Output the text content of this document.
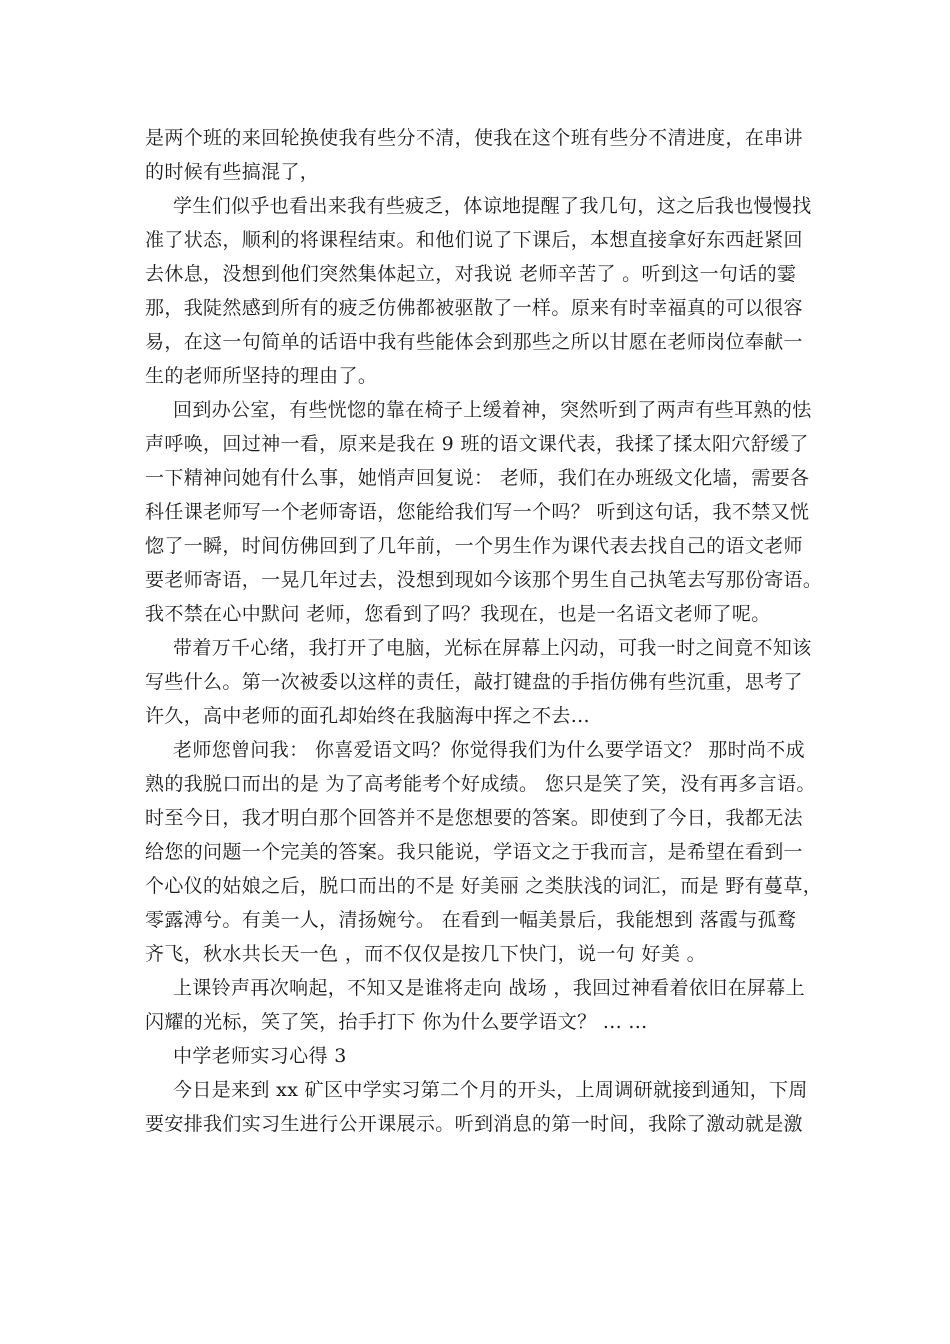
是两个班的来回轮换使我有些分不清，使我在这个班有些分不清进度，在串讲
的时候有些搞混了，
学生们似乎也看出来我有些疲乏，体谅地提醒了我几句，这之后我也慢慢找
准了状态，顺利的将课程结束。和他们说了下课后，本想直接拿好东西赶紧回
去休息，没想到他们突然集体起立，对我说 老师辛苦了 。听到这一句话的霎
那，我陡然感到所有的疲乏仿佛都被驱散了一样。原来有时幸福真的可以很容
易，在这一句简单的话语中我有些能体会到那些之所以甘愿在老师岗位奉献一
生的老师所坚持的理由了。
回到办公室，有些恍惚的靠在椅子上缓着神，突然听到了两声有些耳熟的怯
声呼唤，回过神一看，原来是我在 9 班的语文课代表，我揉了揉太阳穴舒缓了
一下精神问她有什么事，她悄声回复说： 老师，我们在办班级文化墙，需要各
科任课老师写一个老师寄语，您能给我们写一个吗？ 听到这句话，我不禁又恍
惚了一瞬，时间仿佛回到了几年前，一个男生作为课代表去找自己的语文老师
要老师寄语，一晃几年过去，没想到现如今该那个男生自己执笔去写那份寄语。
我不禁在心中默问 老师，您看到了吗？我现在，也是一名语文老师了呢。
带着万千心绪，我打开了电脑，光标在屏幕上闪动，可我一时之间竟不知该
写些什么。第一次被委以这样的责任，敲打键盘的手指仿佛有些沉重，思考了
许久，高中老师的面孔却始终在我脑海中挥之不去...
老师您曾问我： 你喜爱语文吗？你觉得我们为什么要学语文？ 那时尚不成
熟的我脱口而出的是 为了高考能考个好成绩。 您只是笑了笑，没有再多言语。
时至今日，我才明白那个回答并不是您想要的答案。即使到了今日，我都无法
给您的问题一个完美的答案。我只能说，学语文之于我而言，是希望在看到一
个心仪的姑娘之后，脱口而出的不是 好美丽 之类肤浅的词汇，而是 野有蔓草，
零露溥兮。有美一人，清扬婉兮。 在看到一幅美景后，我能想到 落霞与孤鹜
齐飞，秋水共长天一色 ，而不仅仅是按几下快门，说一句 好美 。
上课铃声再次响起，不知又是谁将走向 战场 ，我回过神看着依旧在屏幕上
闪耀的光标，笑了笑，抬手打下 你为什么要学语文？ ... ...
中学老师实习心得 3
今日是来到 xx 矿区中学实习第二个月的开头，上周调研就接到通知，下周
要安排我们实习生进行公开课展示。听到消息的第一时间，我除了激动就是激
